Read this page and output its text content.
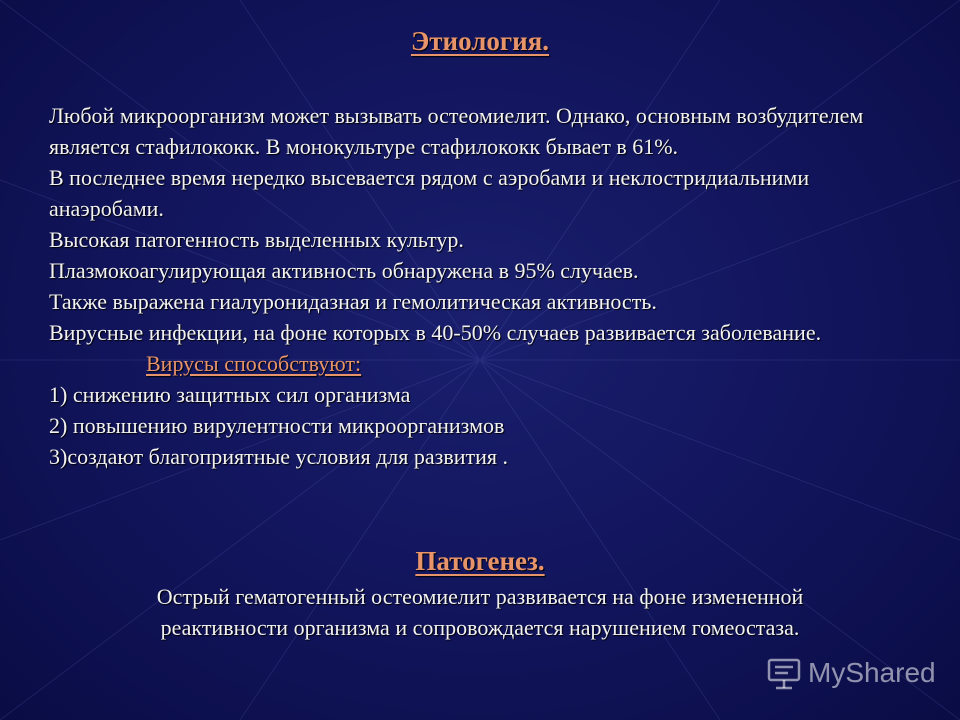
Этиология.

Любой микроорганизм может вызывать остеомиелит. Однако, основным возбудителем является стафилококк. В монокультуре стафилококк бывает в 61%.

В последнее время нередко высевается рядом с аэробами и неклостридиальними анаэробами.

Высокая патогенность выделенных культур.

Плазмокоагулирующая активность обнаружена в 95% случаев.

Также выражена гиалуронидазная и гемолитическая активность.

Вирусные инфекции, на фоне которых в 40-50% случаев развивается заболевание.

Вирусы способствуют:

1) снижению защитных сил организма

2) повышению вирулентности микроорганизмов

3)создают благоприятные условия для развития .

Патогенез.

Острый гематогенный остеомиелит развивается на фоне измененной

реактивности организма и сопровождается нарушением гомеостаза.

MyShared
